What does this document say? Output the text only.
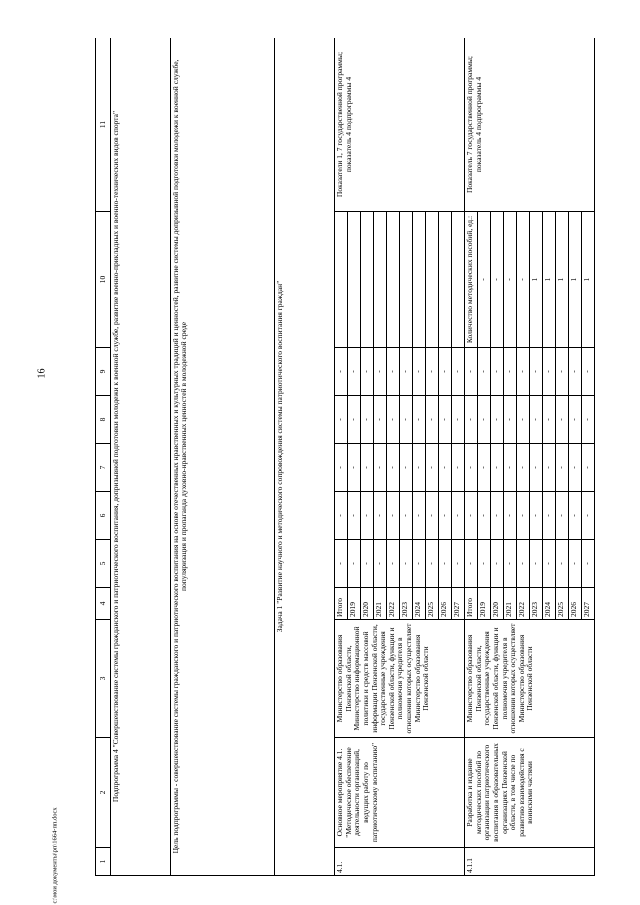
16
c:\мои документы\рп\1664-пп.docx	1	2	3	4	5	6	7	8	9	10	11
Подпрограмма 4 "Совершенствование системы гражданского и патриотического воспитания, допризывной подготовки молодежи к военной службе, развитие военно-прикладных и военно-технических видов спорта"										
Цель подпрограммы - совершенствование системы гражданского и патриотического воспитания на основе отечественных нравственных и культурных традиций и ценностей, развитие системы допризывной подготовки молодежи к военной службе, популяризация и пропаганда духовно-нравственных ценностей в молодежной среде										
Задача 1 "Развитие научного и методического сопровождения системы патриотического воспитания граждан"										
4.1.	Основное мероприятие 4.1. "Методическое обеспечение деятельности организаций, ведущих работу по патриотическому воспитанию"	Министерство образования Пензенской области, Министерство информационной политики и средств массовой информации Пензенской области, государственные учреждения Пензенской области, функции и полномочия учредителя в отношении которых осуществляет Министерство образования Пензенской области	Итого	-	-	-	-	-		Показатели 1, 7 государственной программы; показатель 4 подпрограммы 4
			2019	-	-	-	-	-		
			2020	-	-	-	-	-		
			2021	-	-	-	-	-		
			2022	-	-	-	-	-		
			2023	-	-	-	-	-		
			2024	-	-	-	-	-		
			2025	-	-	-	-	-		
			2026	-	-	-	-	-		
			2027	-	-	-	-	-		
4.1.1	Разработка и издание методических пособий по организации патриотического воспитания в образовательных организациях Пензенской области, в том числе по развитию взаимодействия с воинскими частями	Министерство образования Пензенской области, государственные учреждения Пензенской области, функции и полномочия учредителя в отношении которых осуществляет Министерство образования Пензенской области	Итого	-	-	-	-	-	Количество методических пособий, ед.:	Показатель 7 государственной программы; показатель 4 подпрограммы 4
			2019	-	-	-	-	-	-	
			2020	-	-	-	-	-	-	
			2021	-	-	-	-	-	-	
			2022	-	-	-	-	-	-	
			2023	-	-	-	-	-	1	
			2024	-	-	-	-	-	1	
			2025	-	-	-	-	-	1	
			2026	-	-	-	-	-	1	
			2027	-	-	-	-	-	1	
